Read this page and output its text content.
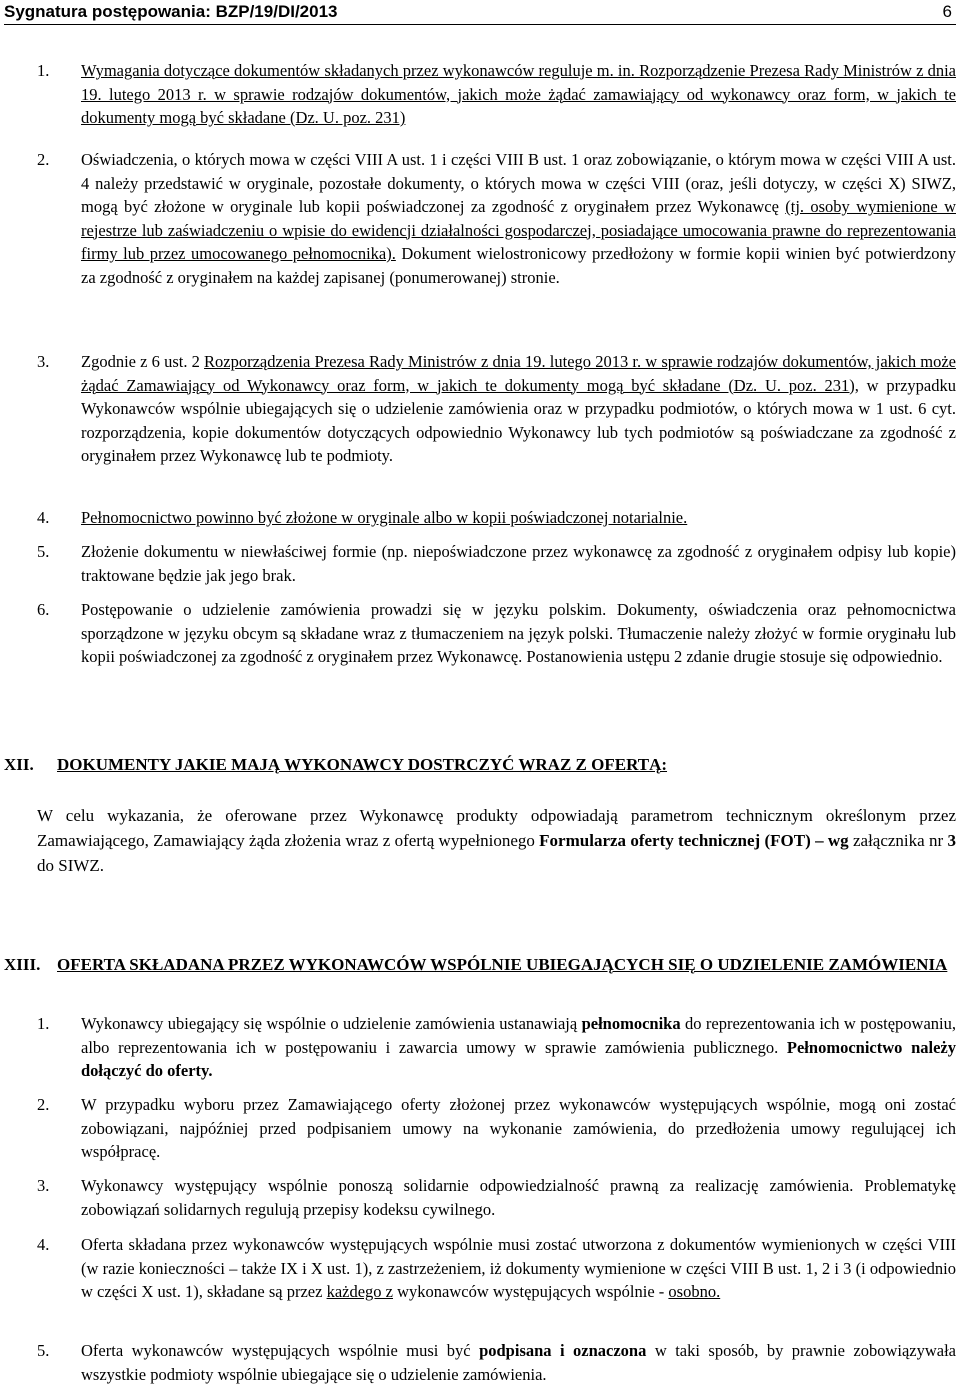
Sygnatura postępowania: BZP/19/DI/2013	6
1. Wymagania dotyczące dokumentów składanych przez wykonawców reguluje m. in. Rozporządzenie Prezesa Rady Ministrów z dnia 19. lutego 2013 r. w sprawie rodzajów dokumentów, jakich może żądać zamawiający od wykonawcy oraz form, w jakich te dokumenty mogą być składane (Dz. U. poz. 231)
2. Oświadczenia, o których mowa w części VIII A ust. 1 i części VIII B ust. 1 oraz zobowiązanie, o którym mowa w części VIII A ust. 4 należy przedstawić w oryginale, pozostałe dokumenty, o których mowa w części VIII (oraz, jeśli dotyczy, w części X) SIWZ, mogą być złożone w oryginale lub kopii poświadczonej za zgodność z oryginałem przez Wykonawcę (tj. osoby wymienione w rejestrze lub zaświadczeniu o wpisie do ewidencji działalności gospodarczej, posiadające umocowania prawne do reprezentowania firmy lub przez umocowanego pełnomocnika). Dokument wielostronicowy przedłożony w formie kopii winien być potwierdzony za zgodność z oryginałem na każdej zapisanej (ponumerowanej) stronie.
3. Zgodnie z 6 ust. 2 Rozporządzenia Prezesa Rady Ministrów z dnia 19. lutego 2013 r. w sprawie rodzajów dokumentów, jakich może żądać Zamawiający od Wykonawcy oraz form, w jakich te dokumenty mogą być składane (Dz. U. poz. 231), w przypadku Wykonawców wspólnie ubiegających się o udzielenie zamówienia oraz w przypadku podmiotów, o których mowa w 1 ust. 6 cyt. rozporządzenia, kopie dokumentów dotyczących odpowiednio Wykonawcy lub tych podmiotów są poświadczane za zgodność z oryginałem przez Wykonawcę lub te podmioty.
4. Pełnomocnictwo powinno być złożone w oryginale albo w kopii poświadczonej notarialnie.
5. Złożenie dokumentu w niewłaściwej formie (np. niepoświadczone przez wykonawcę za zgodność z oryginałem odpisy lub kopie) traktowane będzie jak jego brak.
6. Postępowanie o udzielenie zamówienia prowadzi się w języku polskim. Dokumenty, oświadczenia oraz pełnomocnictwa sporządzone w języku obcym są składane wraz z tłumaczeniem na język polski. Tłumaczenie należy złożyć w formie oryginału lub kopii poświadczonej za zgodność z oryginałem przez Wykonawcę. Postanowienia ustępu 2 zdanie drugie stosuje się odpowiednio.
XII. DOKUMENTY JAKIE MAJĄ WYKONAWCY DOSTRCZYĆ WRAZ Z OFERTĄ:
W celu wykazania, że oferowane przez Wykonawcę produkty odpowiadają parametrom technicznym określonym przez Zamawiającego, Zamawiający żąda złożenia wraz z ofertą wypełnionego Formularza oferty technicznej (FOT) – wg załącznika nr 3 do SIWZ.
XIII. OFERTA SKŁADANA PRZEZ WYKONAWCÓW WSPÓLNIE UBIEGAJĄCYCH SIĘ O UDZIELENIE ZAMÓWIENIA
1. Wykonawcy ubiegający się wspólnie o udzielenie zamówienia ustanawiają pełnomocnika do reprezentowania ich w postępowaniu, albo reprezentowania ich w postępowaniu i zawarcia umowy w sprawie zamówienia publicznego. Pełnomocnictwo należy dołączyć do oferty.
2. W przypadku wyboru przez Zamawiającego oferty złożonej przez wykonawców występujących wspólnie, mogą oni zostać zobowiązani, najpóźniej przed podpisaniem umowy na wykonanie zamówienia, do przedłożenia umowy regulującej ich współpracę.
3. Wykonawcy występujący wspólnie ponoszą solidarnie odpowiedzialność prawną za realizację zamówienia. Problematykę zobowiązań solidarnych regulują przepisy kodeksu cywilnego.
4. Oferta składana przez wykonawców występujących wspólnie musi zostać utworzona z dokumentów wymienionych w części VIII (w razie konieczności – także IX i X ust. 1), z zastrzeżeniem, iż dokumenty wymienione w części VIII B ust. 1, 2 i 3 (i odpowiednio w części X ust. 1), składane są przez każdego z wykonawców występujących wspólnie - osobno.
5. Oferta wykonawców występujących wspólnie musi być podpisana i oznaczona w taki sposób, by prawnie zobowiązywała wszystkie podmioty wspólnie ubiegające się o udzielenie zamówienia.
